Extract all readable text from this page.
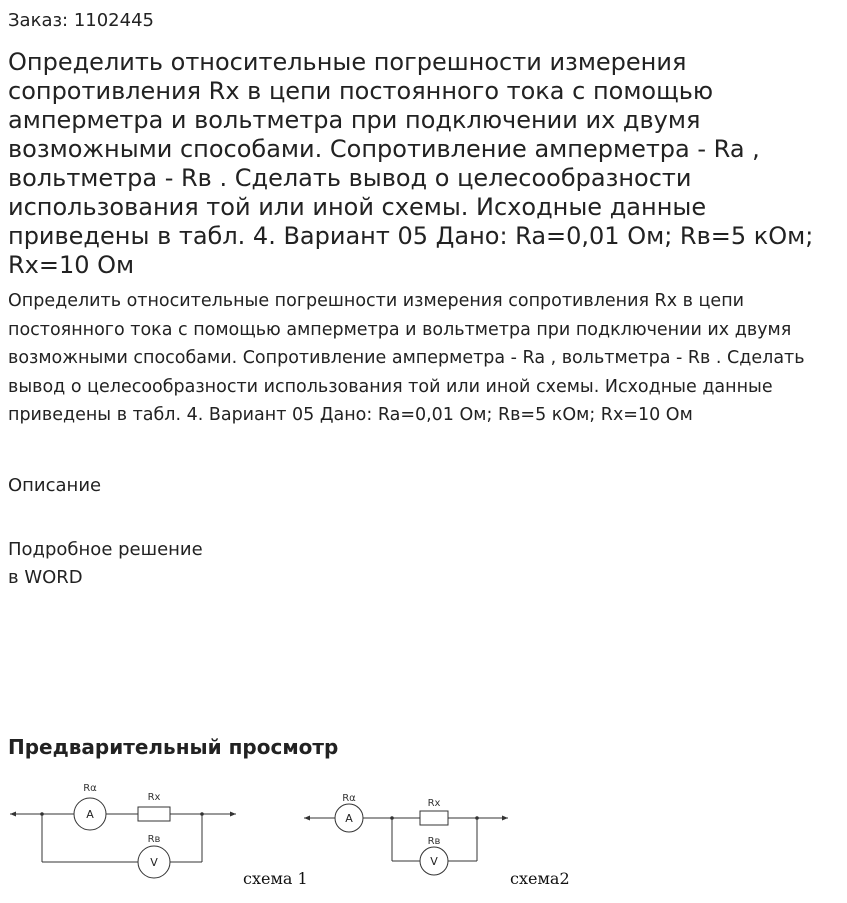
Заказ: 1102445
Определить относительные погрешности измерения сопротивления Rx в цепи постоянного тока с помощью амперметра и вольтметра при подключении их двумя возможными способами. Сопротивление амперметра - Ra , вольтметра - Rв . Сделать вывод о целесообразности использования той или иной схемы. Исходные данные приведены в табл. 4. Вариант 05 Дано: Ra=0,01 Ом; Rв=5 кОм; Rx=10 Ом

Определить относительные погрешности измерения сопротивления Rx в цепи постоянного тока с помощью амперметра и вольтметра при подключении их двумя возможными способами. Сопротивление амперметра - Ra , вольтметра - Rв . Сделать вывод о целесообразности использования той или иной схемы. Исходные данные приведены в табл. 4. Вариант 05 Дано: Ra=0,01 Ом; Rв=5 кОм; Rx=10 Ом

Описание
Подробное решение
в WORD
Предварительный просмотр
A
V
Rα
Rх
Rв
схема 1
A
V
Rα	Rх
Rв
схема2
